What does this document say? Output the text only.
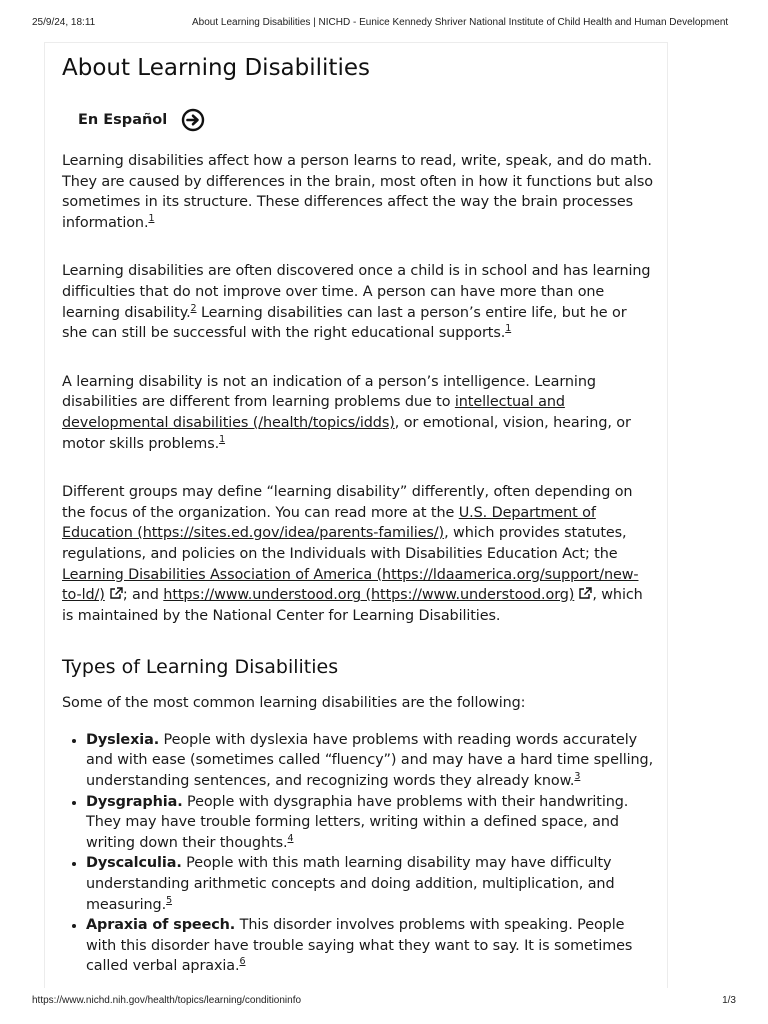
25/9/24, 18:11	About Learning Disabilities | NICHD - Eunice Kennedy Shriver National Institute of Child Health and Human Development
About Learning Disabilities
En Español

Learning disabilities affect how a person learns to read, write, speak, and do math. They are caused by differences in the brain, most often in how it functions but also sometimes in its structure. These differences affect the way the brain processes information.$^1$

Learning disabilities are often discovered once a child is in school and has learning difficulties that do not improve over time. A person can have more than one learning disability.$^2$ Learning disabilities can last a person’s entire life, but he or she can still be successful with the right educational supports.$^1$

A learning disability is not an indication of a person’s intelligence. Learning disabilities are different from learning problems due to intellectual and developmental disabilities (/health/topics/idds), or emotional, vision, hearing, or motor skills problems.$^1$

Different groups may define “learning disability” differently, often depending on the focus of the organization. You can read more at the U.S. Department of Education (https://sites.ed.gov/idea/parents-families/), which provides statutes, regulations, and policies on the Individuals with Disabilities Education Act; the Learning Disabilities Association of America (https://ldaamerica.org/support/new-to-ld/) ; and https://www.understood.org (https://www.understood.org) , which is maintained by the National Center for Learning Disabilities.

Types of Learning Disabilities

Some of the most common learning disabilities are the following:

• Dyslexia. People with dyslexia have problems with reading words accurately and with ease (sometimes called “fluency”) and may have a hard time spelling, understanding sentences, and recognizing words they already know.$^3$
• Dysgraphia. People with dysgraphia have problems with their handwriting. They may have trouble forming letters, writing within a defined space, and writing down their thoughts.$^4$
• Dyscalculia. People with this math learning disability may have difficulty understanding arithmetic concepts and doing addition, multiplication, and measuring.$^5$
• Apraxia of speech. This disorder involves problems with speaking. People with this disorder have trouble saying what they want to say. It is sometimes called verbal apraxia.$^6$
https://www.nichd.nih.gov/health/topics/learning/conditioninfo	1/3
